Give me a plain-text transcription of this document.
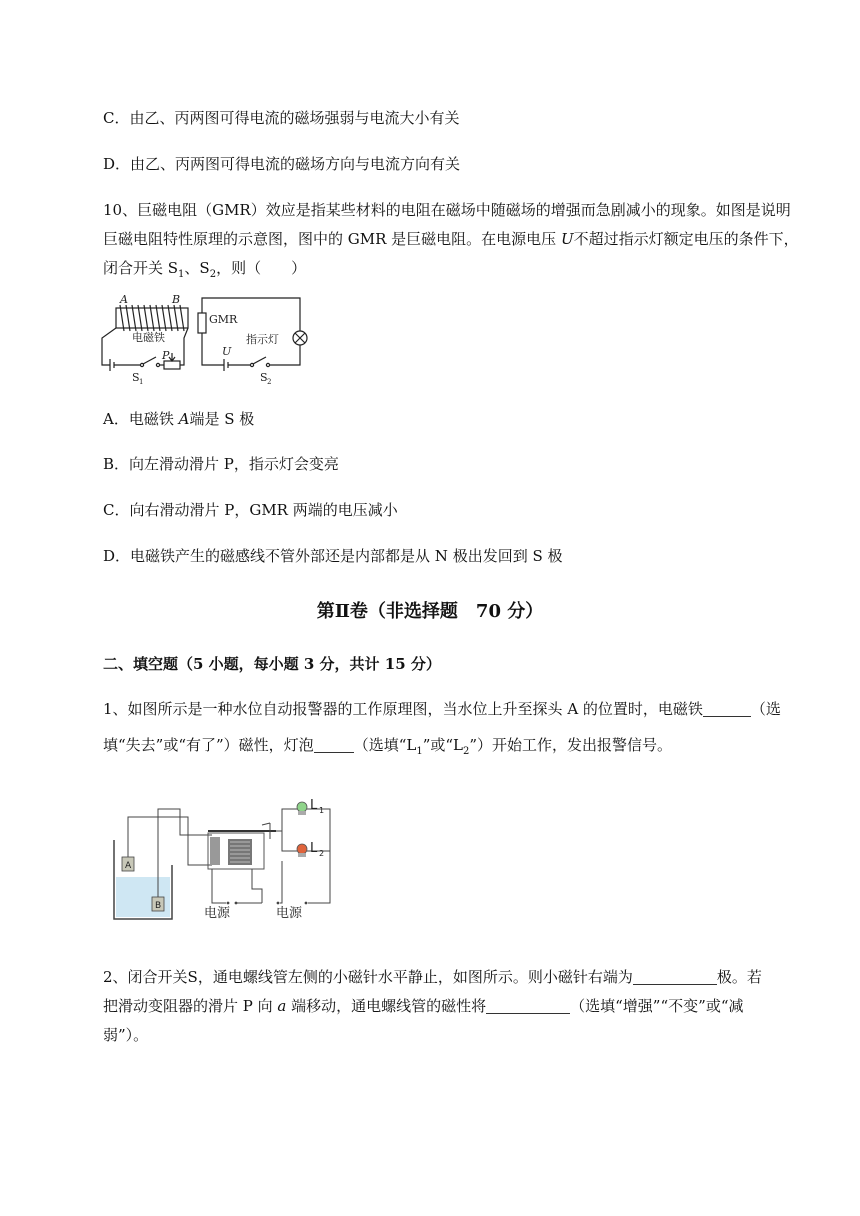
C．由乙、丙两图可得电流的磁场强弱与电流大小有关
D．由乙、丙两图可得电流的磁场方向与电流方向有关
10、巨磁电阻（GMR）效应是指某些材料的电阻在磁场中随磁场的增强而急剧减小的现象。如图是说明
巨磁电阻特性原理的示意图，图中的 GMR 是巨磁电阻。在电源电压 U不超过指示灯额定电压的条件下，
闭合开关 $S_1$、$S_2$，则（　　）
A	B
电磁铁
GMR
指示灯
U
P
S 1	S 2
A．电磁铁 A端是 S 极
B．向左滑动滑片 P，指示灯会变亮
C．向右滑动滑片 P，GMR 两端的电压减小
D．电磁铁产生的磁感线不管外部还是内部都是从 N 极出发回到 S 极
第Ⅱ卷（非选择题　70 分）
二、填空题（5 小题，每小题 3 分，共计 15 分）
1、如图所示是一种水位自动报警器的工作原理图，当水位上升至探头 A 的位置时，电磁铁	（选
填“失去”或“有了”）磁性，灯泡	（选填“$L_1$”或“$L_2$”）开始工作，发出报警信号。
A
B
L 1
L 2
电源	电源
2、闭合开关S，通电螺线管左侧的小磁针水平静止，如图所示。则小磁针右端为	极。若
把滑动变阻器的滑片 P 向 a 端移动，通电螺线管的磁性将	（选填“增强”“不变”或“减
弱”）。
